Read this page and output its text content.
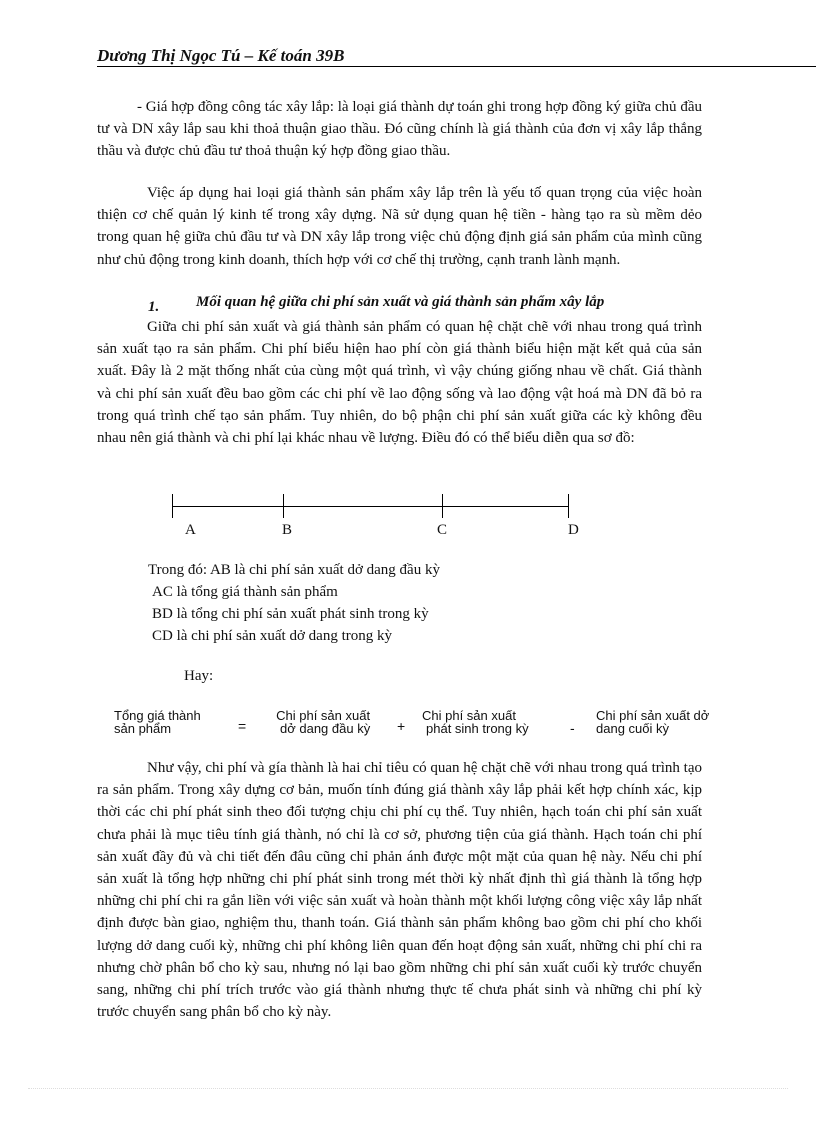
Dương Thị Ngọc Tú – Kế toán 39B

- Giá hợp đồng công tác xây lắp: là loại giá thành dự toán ghi trong hợp đồng ký giữa chủ đầu tư và DN xây lắp sau khi thoả thuận giao thầu. Đó cũng chính là giá thành của đơn vị xây lắp thắng thầu và được chủ đầu tư thoả thuận ký hợp đồng giao thầu.

Việc áp dụng hai loại giá thành sản phẩm xây lắp trên là yếu tố quan trọng của việc hoàn thiện cơ chế quản lý kinh tế trong xây dựng. Nã sử dụng quan hệ tiền - hàng tạo ra sù mềm dẻo trong quan hệ giữa chủ đầu tư và DN xây lắp trong việc chủ động định giá sản phẩm của mình cũng như chủ động trong kinh doanh, thích hợp với cơ chế thị trường, cạnh tranh lành mạnh.

1. Mối quan hệ giữa chi phí sản xuất và giá thành sản phẩm xây lắp

Giữa chi phí sản xuất và giá thành sản phẩm có quan hệ chặt chẽ với nhau trong quá trình sản xuất tạo ra sản phẩm. Chi phí biểu hiện hao phí còn giá thành biểu hiện mặt kết quả của sản xuất. Đây là 2 mặt thống nhất của cùng một quá trình, vì vậy chúng giống nhau về chất. Giá thành và chi phí sản xuất đều bao gồm các chi phí về lao động sống và lao động vật hoá mà DN đã bỏ ra trong quá trình chế tạo sản phẩm. Tuy nhiên, do bộ phận chi phí sản xuất giữa các kỳ không đều nhau nên giá thành và chi phí lại khác nhau về lượng. Điều đó có thể biểu diễn qua sơ đồ:

A	B	C	D
Trong đó: AB là chi phí sản xuất dở dang đầu kỳ
AC là tổng giá thành sản phẩm
BD là tổng chi phí sản xuất phát sinh trong kỳ
CD là chi phí sản xuất dở dang trong kỳ
Hay:
Tổng giá thành
sản phẩm	=
Chi phí sản xuất
dở dang đầu kỳ +
Chi phí sản xuất
phát sinh trong kỳ	-
Chi phí sản xuất dở
dang cuối kỳ

Như vậy, chi phí và gía thành là hai chỉ tiêu có quan hệ chặt chẽ với nhau trong quá trình tạo ra sản phẩm. Trong xây dựng cơ bản, muốn tính đúng giá thành xây lắp phải kết hợp chính xác, kịp thời các chi phí phát sinh theo đối tượng chịu chi phí cụ thể. Tuy nhiên, hạch toán chi phí sản xuất chưa phải là mục tiêu tính giá thành, nó chỉ là cơ sở, phương tiện của giá thành. Hạch toán chi phí sản xuất đầy đủ và chi tiết đến đâu cũng chỉ phản ánh được một mặt của quan hệ này. Nếu chi phí sản xuất là tổng hợp những chi phí phát sinh trong mét thời kỳ nhất định thì giá thành là tổng hợp những chi phí chi ra gắn liền với việc sản xuất và hoàn thành một khối lượng công việc xây lắp nhất định được bàn giao, nghiệm thu, thanh toán. Giá thành sản phẩm không bao gồm chi phí cho khối lượng dở dang cuối kỳ, những chi phí không liên quan đến hoạt động sản xuất, những chi phí chi ra nhưng chờ phân bổ cho kỳ sau, nhưng nó lại bao gồm những chi phí sản xuất cuối kỳ trước chuyển sang, những chi phí trích trước vào giá thành nhưng thực tế chưa phát sinh và những chi phí kỳ trước chuyển sang phân bổ cho kỳ này.
